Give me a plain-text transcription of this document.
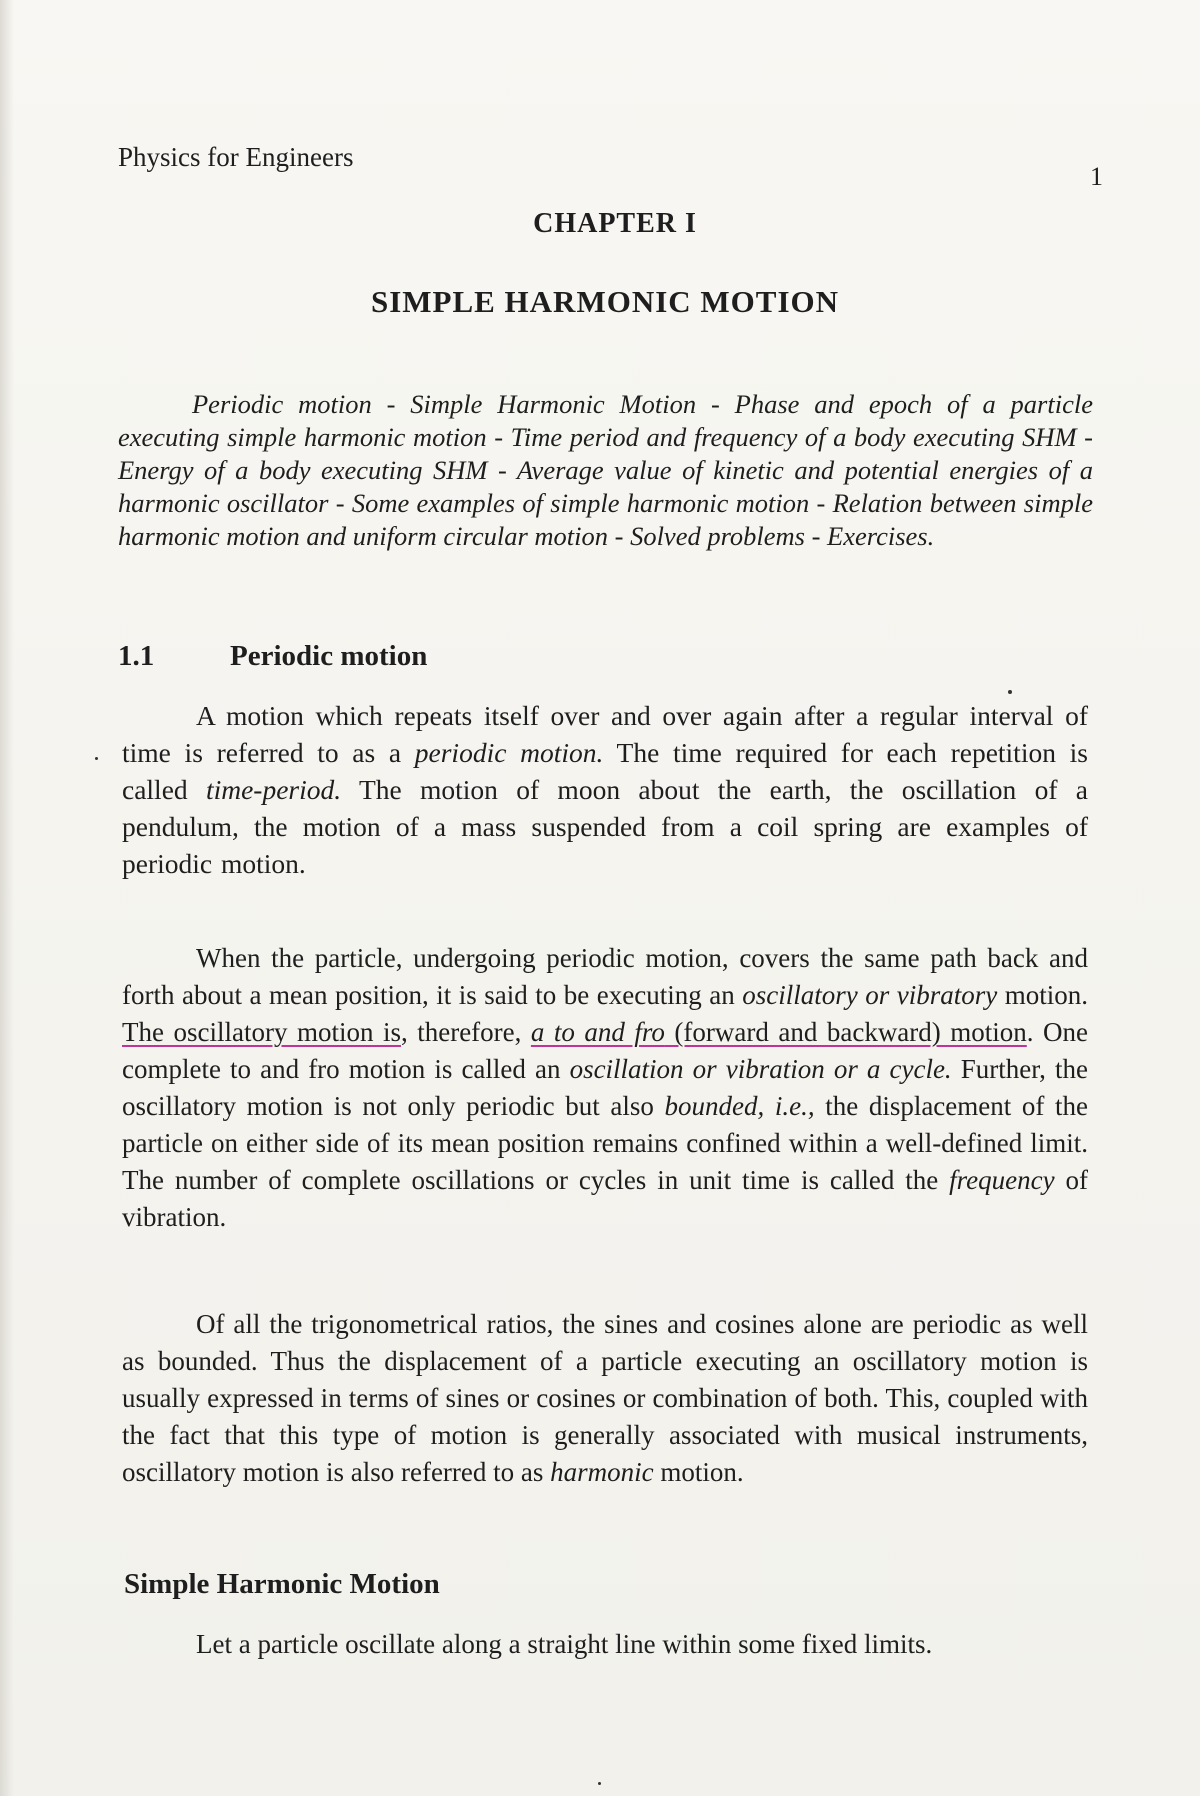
Physics for Engineers
1
CHAPTER I
SIMPLE HARMONIC MOTION

Periodic motion - Simple Harmonic Motion - Phase and epoch of a particle executing simple harmonic motion - Time period and frequency of a body executing SHM - Energy of a body executing SHM - Average value of kinetic and potential energies of a harmonic oscillator - Some examples of simple harmonic motion - Relation between simple harmonic motion and uniform circular motion - Solved problems - Exercises.

1.1	Periodic motion

A motion which repeats itself over and over again after a regular interval of time is referred to as a periodic motion. The time required for each repetition is called time-period. The motion of moon about the earth, the oscillation of a pendulum, the motion of a mass suspended from a coil spring are examples of periodic motion.

When the particle, undergoing periodic motion, covers the same path back and forth about a mean position, it is said to be executing an oscillatory or vibratory motion. The oscillatory motion is, therefore, a to and fro (forward and backward) motion. One complete to and fro motion is called an oscillation or vibration or a cycle. Further, the oscillatory motion is not only periodic but also bounded, i.e., the displacement of the particle on either side of its mean position remains confined within a well-defined limit. The number of complete oscillations or cycles in unit time is called the frequency of vibration.

Of all the trigonometrical ratios, the sines and cosines alone are periodic as well as bounded. Thus the displacement of a particle executing an oscillatory motion is usually expressed in terms of sines or cosines or combination of both. This, coupled with the fact that this type of motion is generally associated with musical instruments, oscillatory motion is also referred to as harmonic motion.

Simple Harmonic Motion

Let a particle oscillate along a straight line within some fixed limits.
